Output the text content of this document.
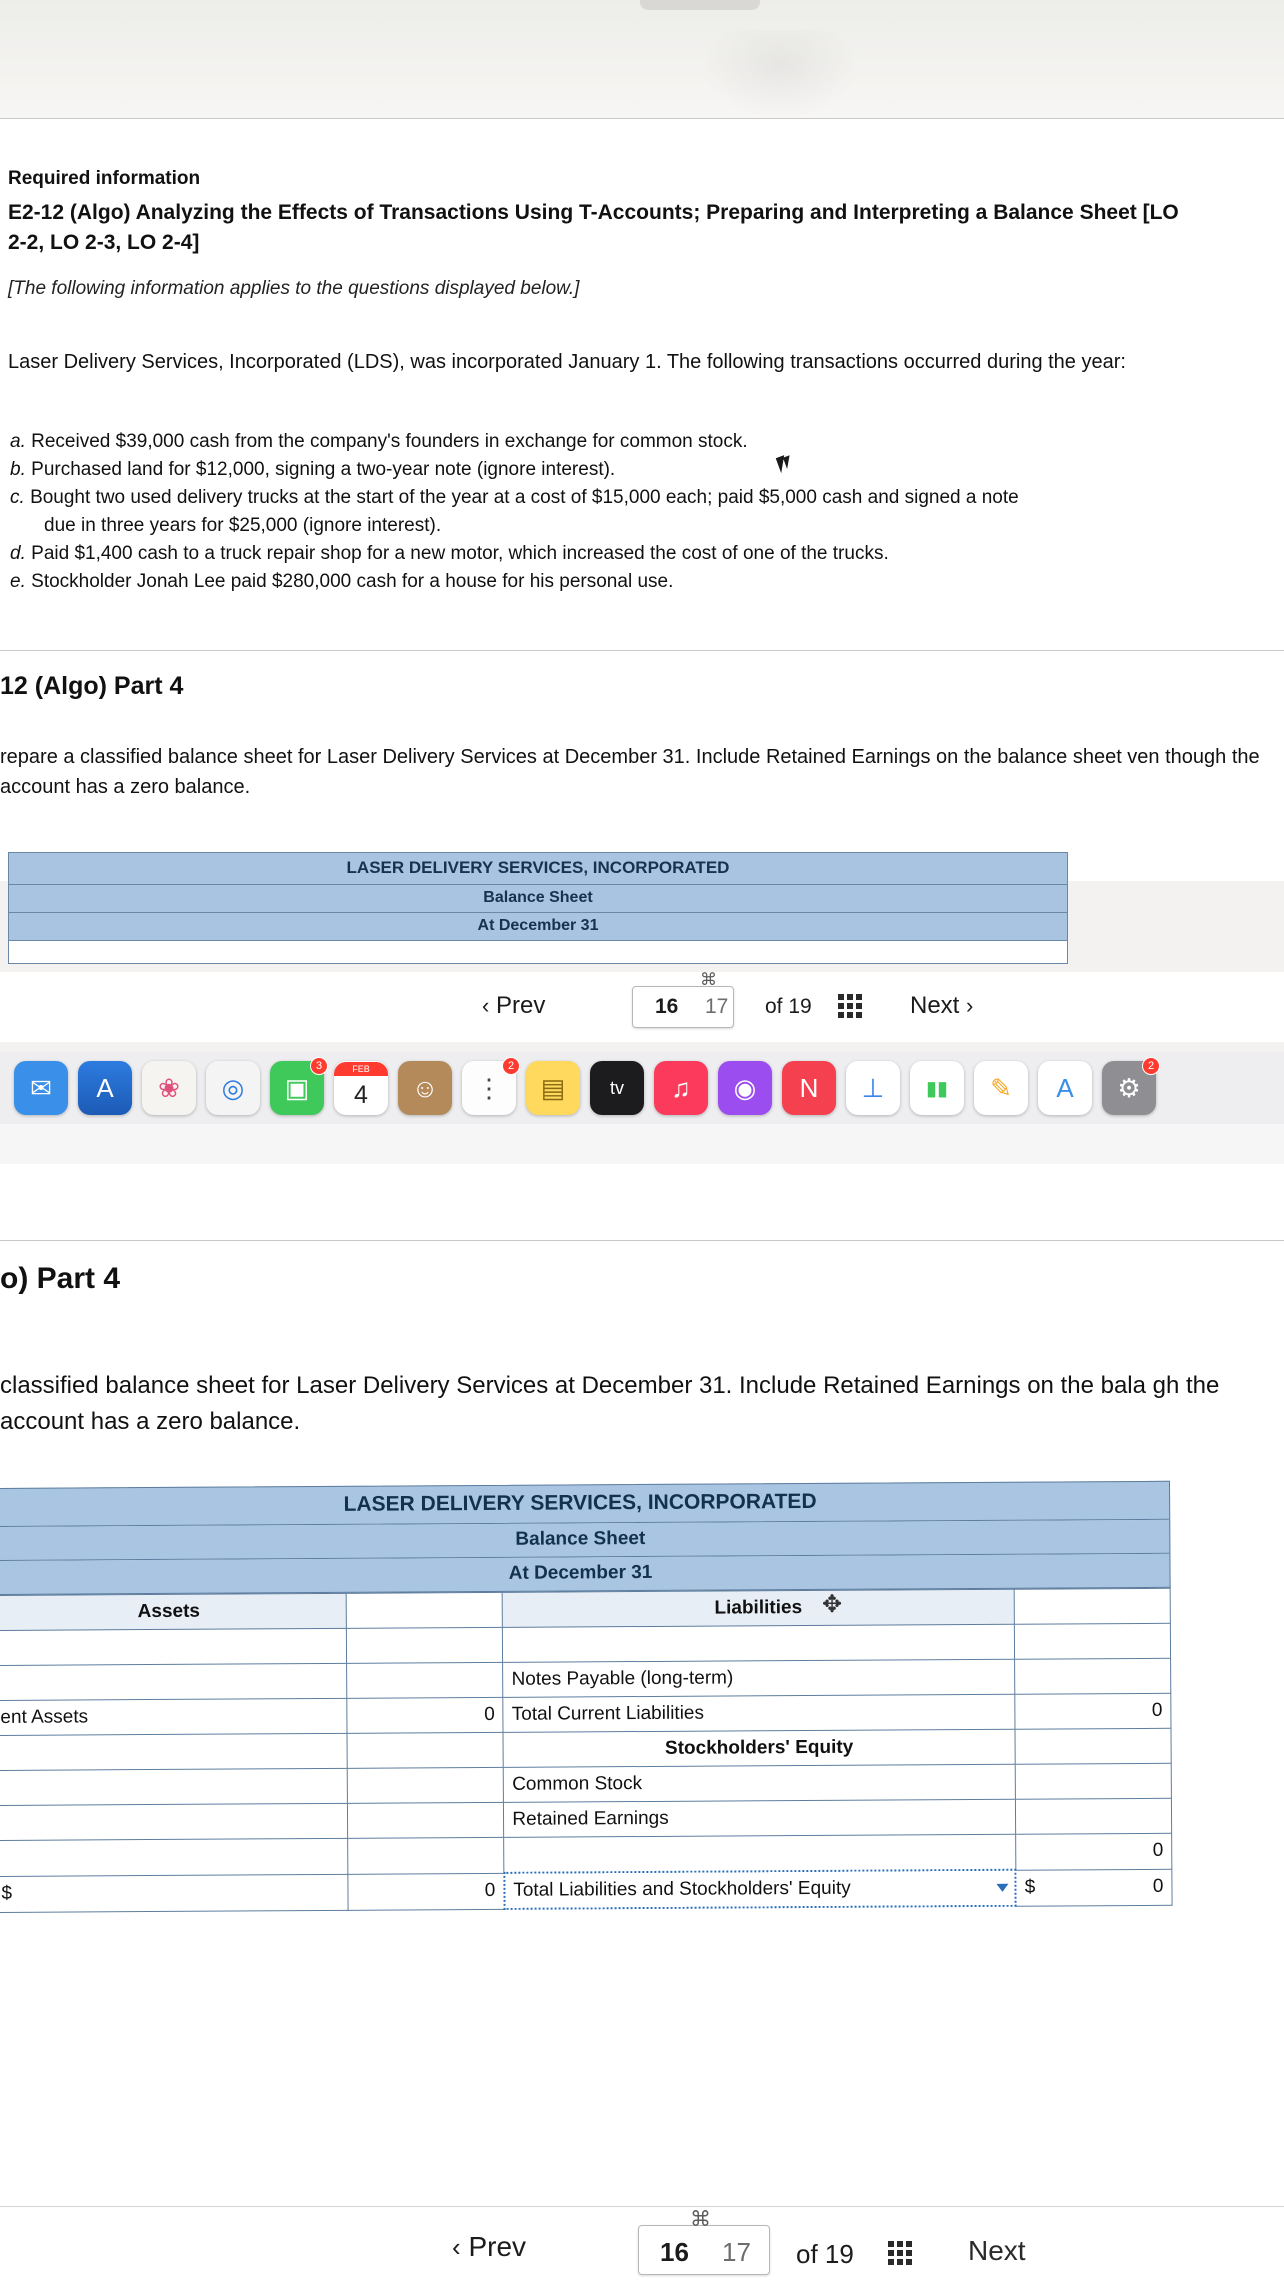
Required information
E2-12 (Algo) Analyzing the Effects of Transactions Using T-Accounts; Preparing and Interpreting a Balance Sheet [LO 2-2, LO 2-3, LO 2-4]
[The following information applies to the questions displayed below.]
Laser Delivery Services, Incorporated (LDS), was incorporated January 1. The following transactions occurred during the year:
a. Received $39,000 cash from the company's founders in exchange for common stock.
b. Purchased land for $12,000, signing a two-year note (ignore interest).
c. Bought two used delivery trucks at the start of the year at a cost of $15,000 each; paid $5,000 cash and signed a note
due in three years for $25,000 (ignore interest).
d. Paid $1,400 cash to a truck repair shop for a new motor, which increased the cost of one of the trucks.
e. Stockholder Jonah Lee paid $280,000 cash for a house for his personal use.
12 (Algo) Part 4
repare a classified balance sheet for Laser Delivery Services at December 31. Include Retained Earnings on the balance sheet ven though the account has a zero balance.
LASER DELIVERY SERVICES, INCORPORATED
Balance Sheet
At December 31
‹ Prev
⌘
16 17 of 19	Next ›
✉	A	❀	◎	▣
3	FEB
4	☺	⋮
2
▤	tv	♫	◉	N	⊥	▮▮	✎	A	⚙
2
o) Part 4
classified balance sheet for Laser Delivery Services at December 31. Include Retained Earnings on the bala gh the account has a zero balance.
LASER DELIVERY SERVICES, INCORPORATED
Balance Sheet
At December 31
Assets		Liabilities	

		Notes Payable (long-term)	
ent Assets	0	Total Current Liabilities	0
		Stockholders' Equity	
		Common Stock	
		Retained Earnings	
			0
$	0	Total Liabilities and Stockholders' Equity	$ 0
✥
‹ Prev
⌘
16 17 of 19	Next
